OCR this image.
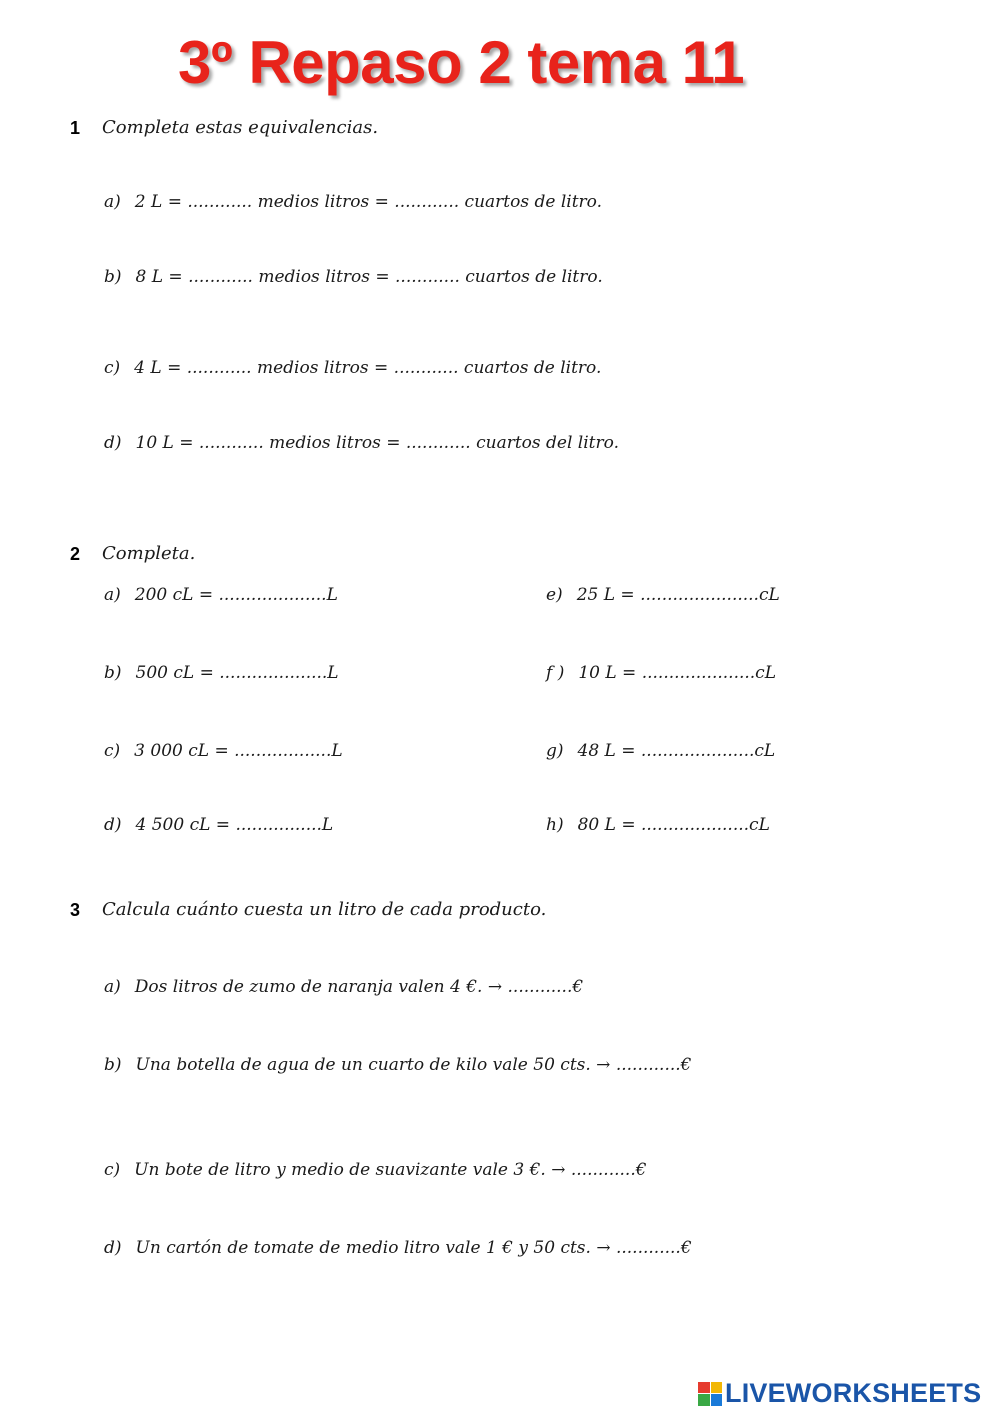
3º Repaso 2 tema 11
1 Completa estas equivalencias.
a) 2 L = ............ medios litros = ............ cuartos de litro.
b) 8 L = ............ medios litros = ............ cuartos de litro.
c) 4 L = ............ medios litros = ............ cuartos de litro.
d) 10 L = ............ medios litros = ............ cuartos del litro.
2 Completa.
a) 200 cL = ....................L
b) 500 cL = ....................L
c) 3 000 cL = ..................L
d) 4 500 cL = ................L
e) 25 L = ......................cL
f ) 10 L = .....................cL
g) 48 L = .....................cL
h) 80 L = ....................cL
3 Calcula cuánto cuesta un litro de cada producto.
a) Dos litros de zumo de naranja valen 4 €. → ............€
b) Una botella de agua de un cuarto de kilo vale 50 cts. → ............€
c) Un bote de litro y medio de suavizante vale 3 €. → ............€
d) Un cartón de tomate de medio litro vale 1 € y 50 cts. → ............€
LIVEWORKSHEETS
